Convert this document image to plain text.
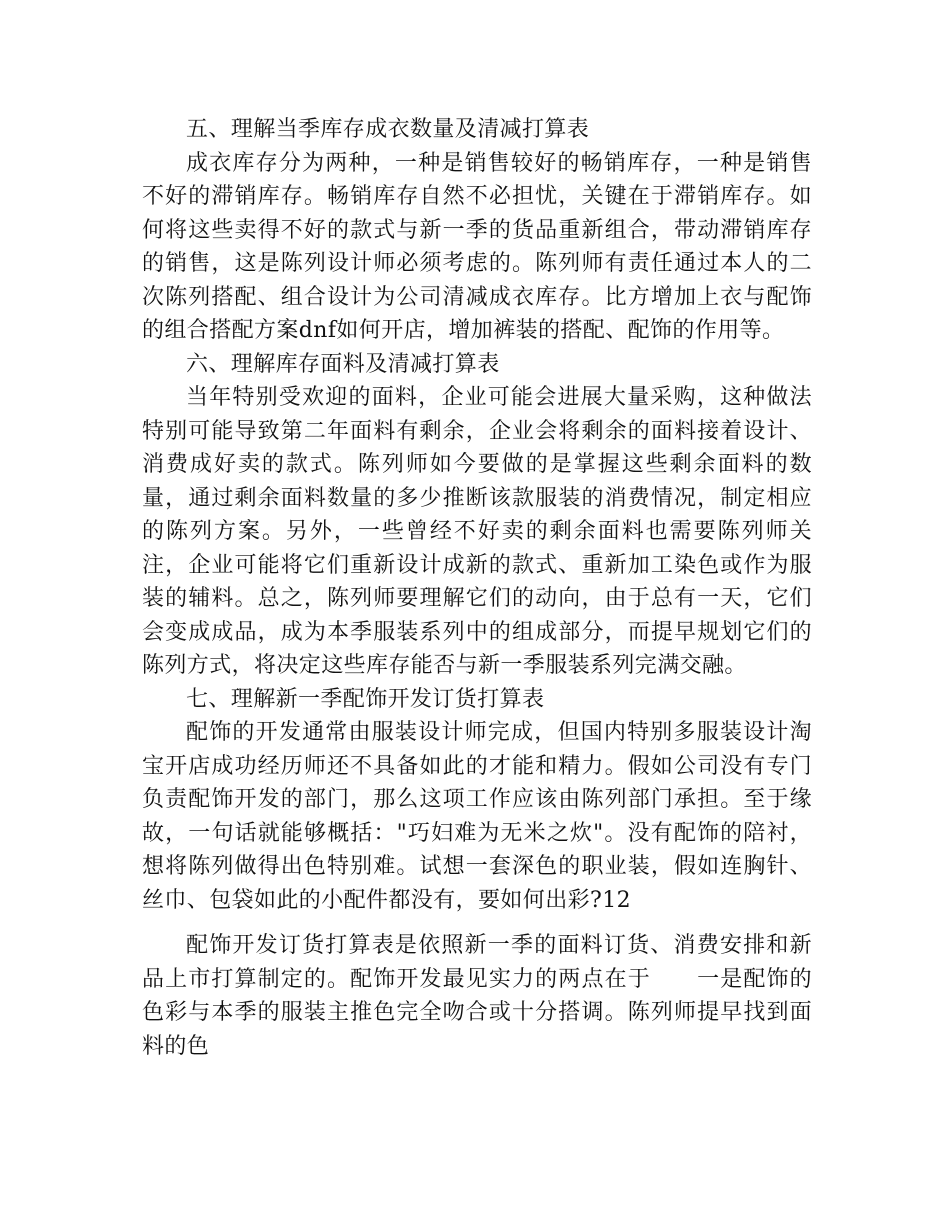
五、理解当季库存成衣数量及清减打算表

成衣库存分为两种，一种是销售较好的畅销库存，一种是销售不好的滞销库存。畅销库存自然不必担忧，关键在于滞销库存。如何将这些卖得不好的款式与新一季的货品重新组合，带动滞销库存的销售，这是陈列设计师必须考虑的。陈列师有责任通过本人的二次陈列搭配、组合设计为公司清减成衣库存。比方增加上衣与配饰的组合搭配方案dnf如何开店，增加裤装的搭配、配饰的作用等。

六、理解库存面料及清减打算表

当年特别受欢迎的面料，企业可能会进展大量采购，这种做法特别可能导致第二年面料有剩余，企业会将剩余的面料接着设计、消费成好卖的款式。陈列师如今要做的是掌握这些剩余面料的数量，通过剩余面料数量的多少推断该款服装的消费情况，制定相应的陈列方案。另外，一些曾经不好卖的剩余面料也需要陈列师关注，企业可能将它们重新设计成新的款式、重新加工染色或作为服装的辅料。总之，陈列师要理解它们的动向，由于总有一天，它们会变成成品，成为本季服装系列中的组成部分，而提早规划它们的陈列方式，将决定这些库存能否与新一季服装系列完满交融。

七、理解新一季配饰开发订货打算表

配饰的开发通常由服装设计师完成，但国内特别多服装设计淘宝开店成功经历师还不具备如此的才能和精力。假如公司没有专门负责配饰开发的部门，那么这项工作应该由陈列部门承担。至于缘故，一句话就能够概括："巧妇难为无米之炊"。没有配饰的陪衬，想将陈列做得出色特别难。试想一套深色的职业装，假如连胸针、丝巾、包袋如此的小配件都没有，要如何出彩?12

配饰开发订货打算表是依照新一季的面料订货、消费安排和新品上市打算制定的。配饰开发最见实力的两点在于　　一是配饰的色彩与本季的服装主推色完全吻合或十分搭调。陈列师提早找到面料的色
